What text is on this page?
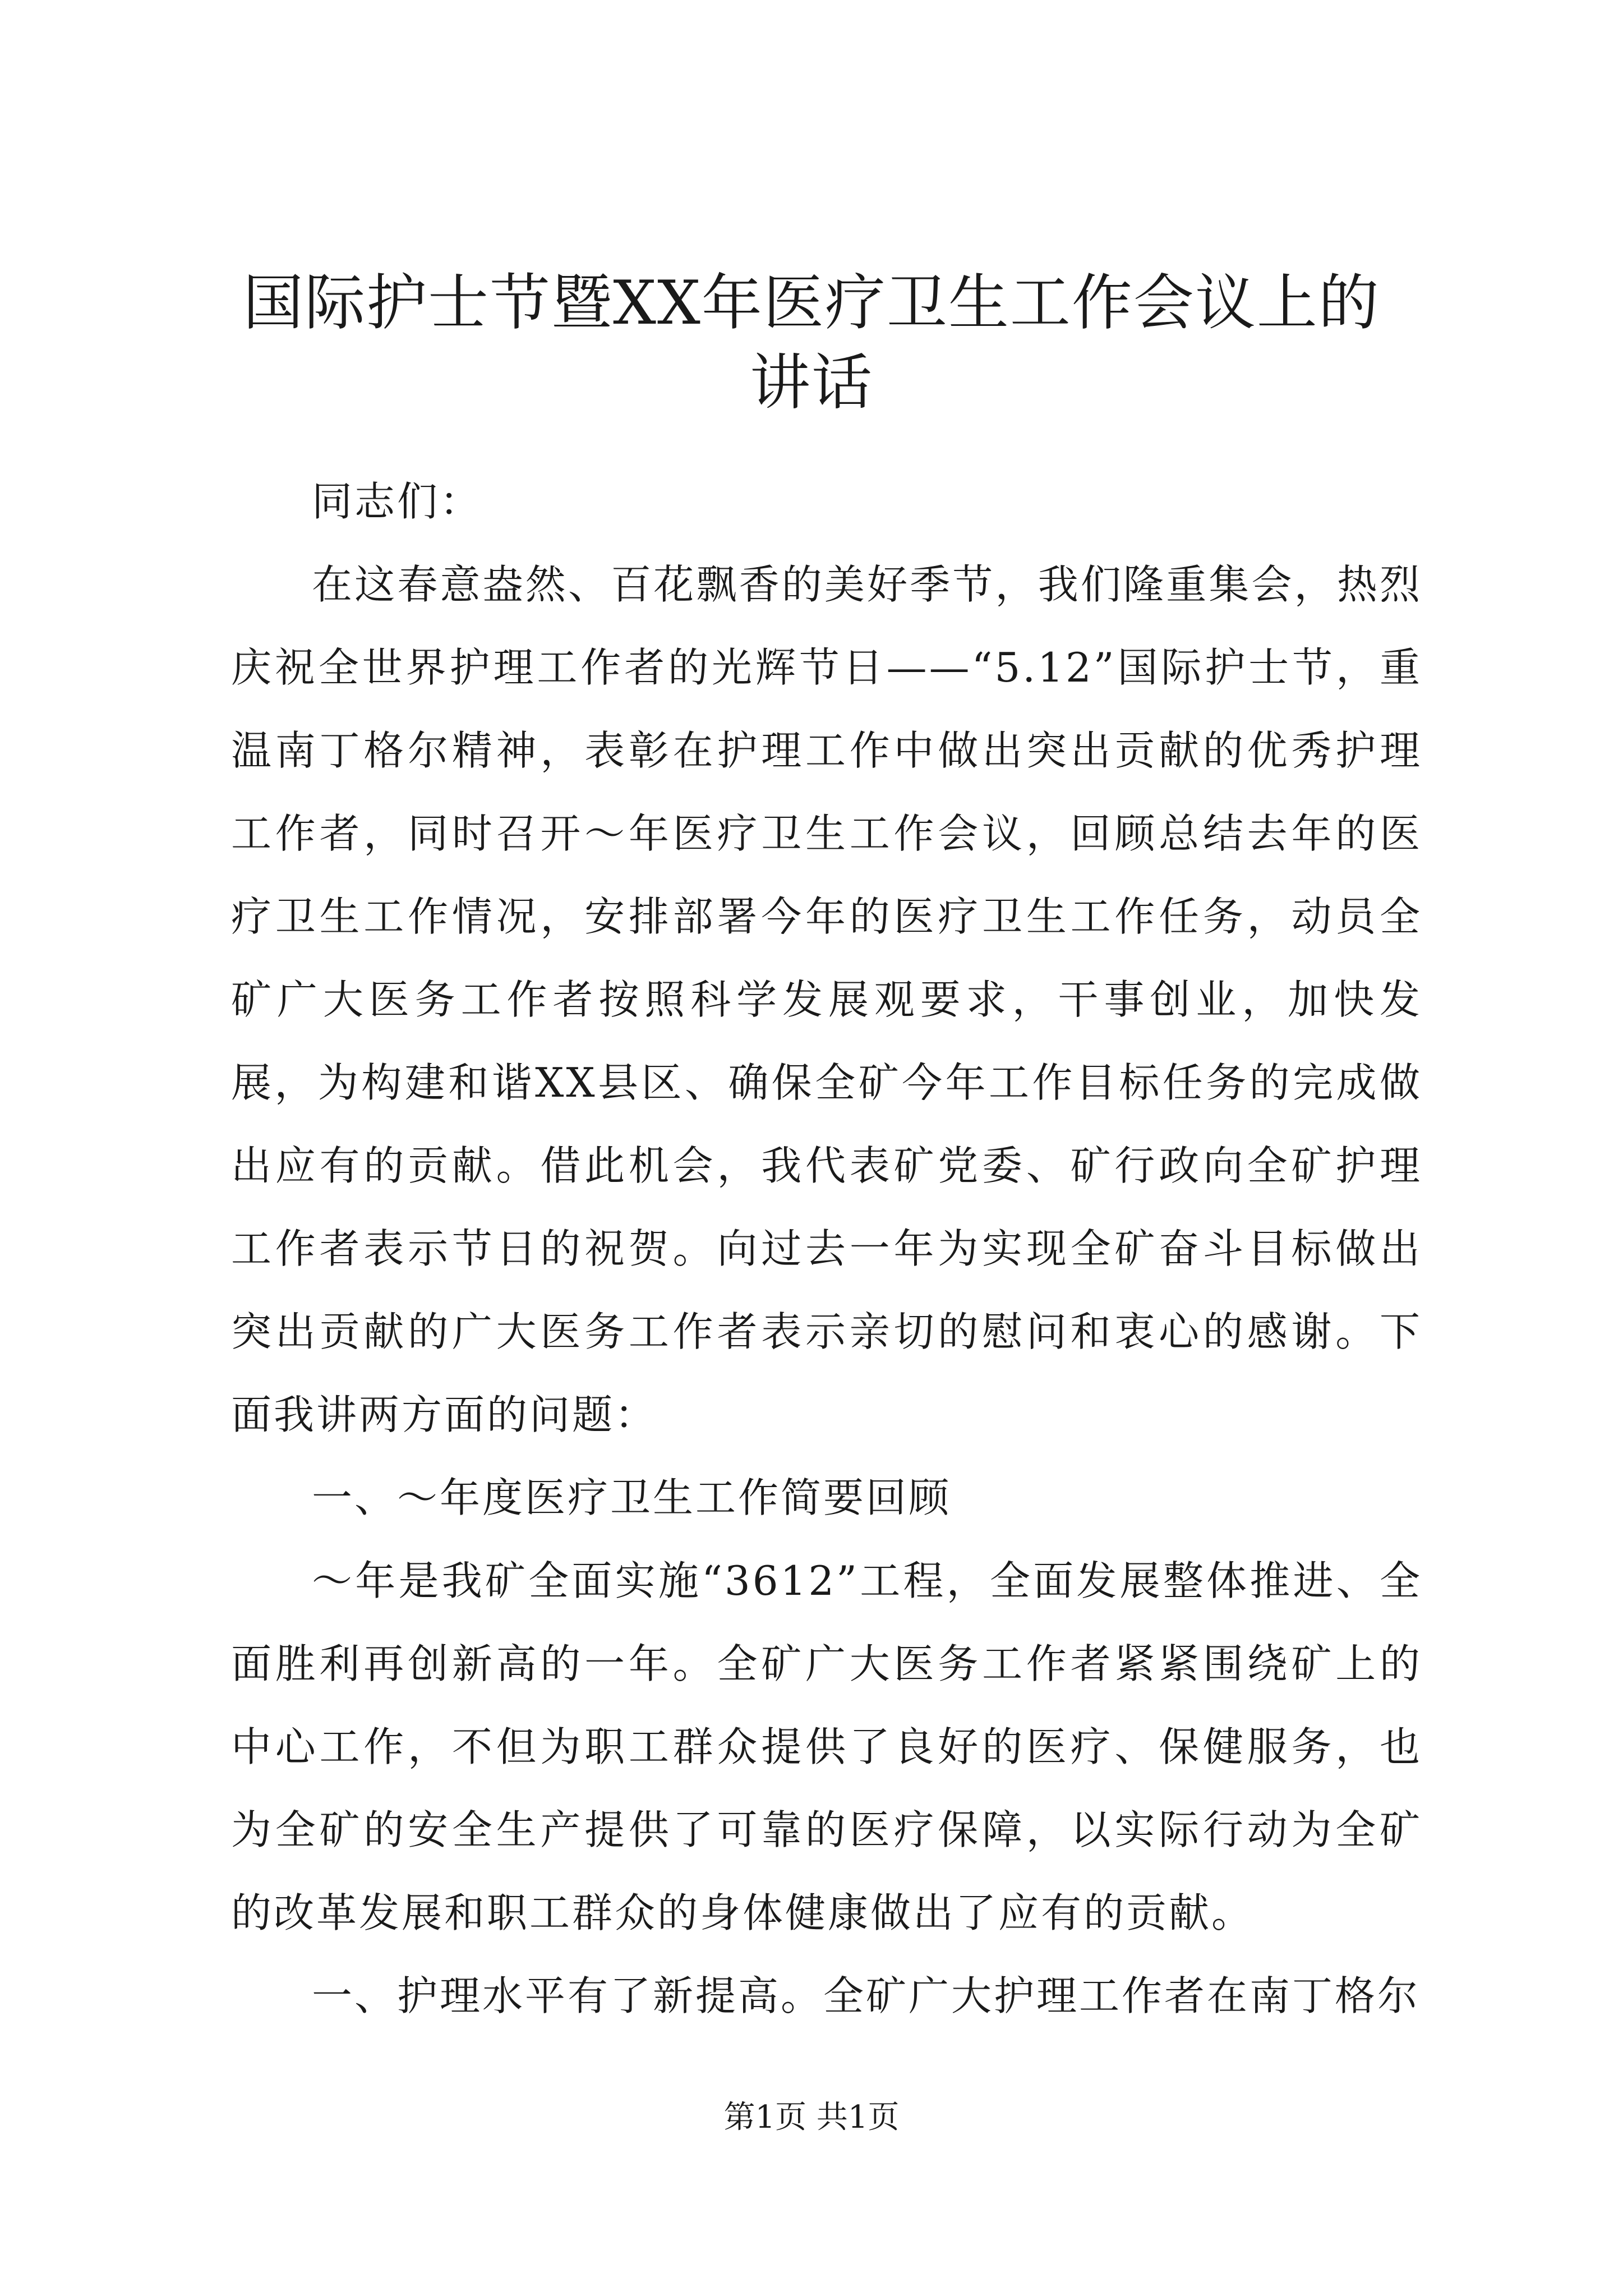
国际护士节暨XX年医疗卫生工作会议上的讲话

同志们：

在这春意盎然、百花飘香的美好季节，我们隆重集会，热烈庆祝全世界护理工作者的光辉节日——“5.12”国际护士节，重温南丁格尔精神，表彰在护理工作中做出突出贡献的优秀护理工作者，同时召开～年医疗卫生工作会议，回顾总结去年的医疗卫生工作情况，安排部署今年的医疗卫生工作任务，动员全矿广大医务工作者按照科学发展观要求，干事创业，加快发展，为构建和谐XX县区、确保全矿今年工作目标任务的完成做出应有的贡献。借此机会，我代表矿党委、矿行政向全矿护理工作者表示节日的祝贺。向过去一年为实现全矿奋斗目标做出突出贡献的广大医务工作者表示亲切的慰问和衷心的感谢。下面我讲两方面的问题：

一、～年度医疗卫生工作简要回顾

～年是我矿全面实施“3612”工程，全面发展整体推进、全面胜利再创新高的一年。全矿广大医务工作者紧紧围绕矿上的中心工作，不但为职工群众提供了良好的医疗、保健服务，也为全矿的安全生产提供了可靠的医疗保障，以实际行动为全矿的改革发展和职工群众的身体健康做出了应有的贡献。

一、护理水平有了新提高。全矿广大护理工作者在南丁格尔

第1页 共1页
